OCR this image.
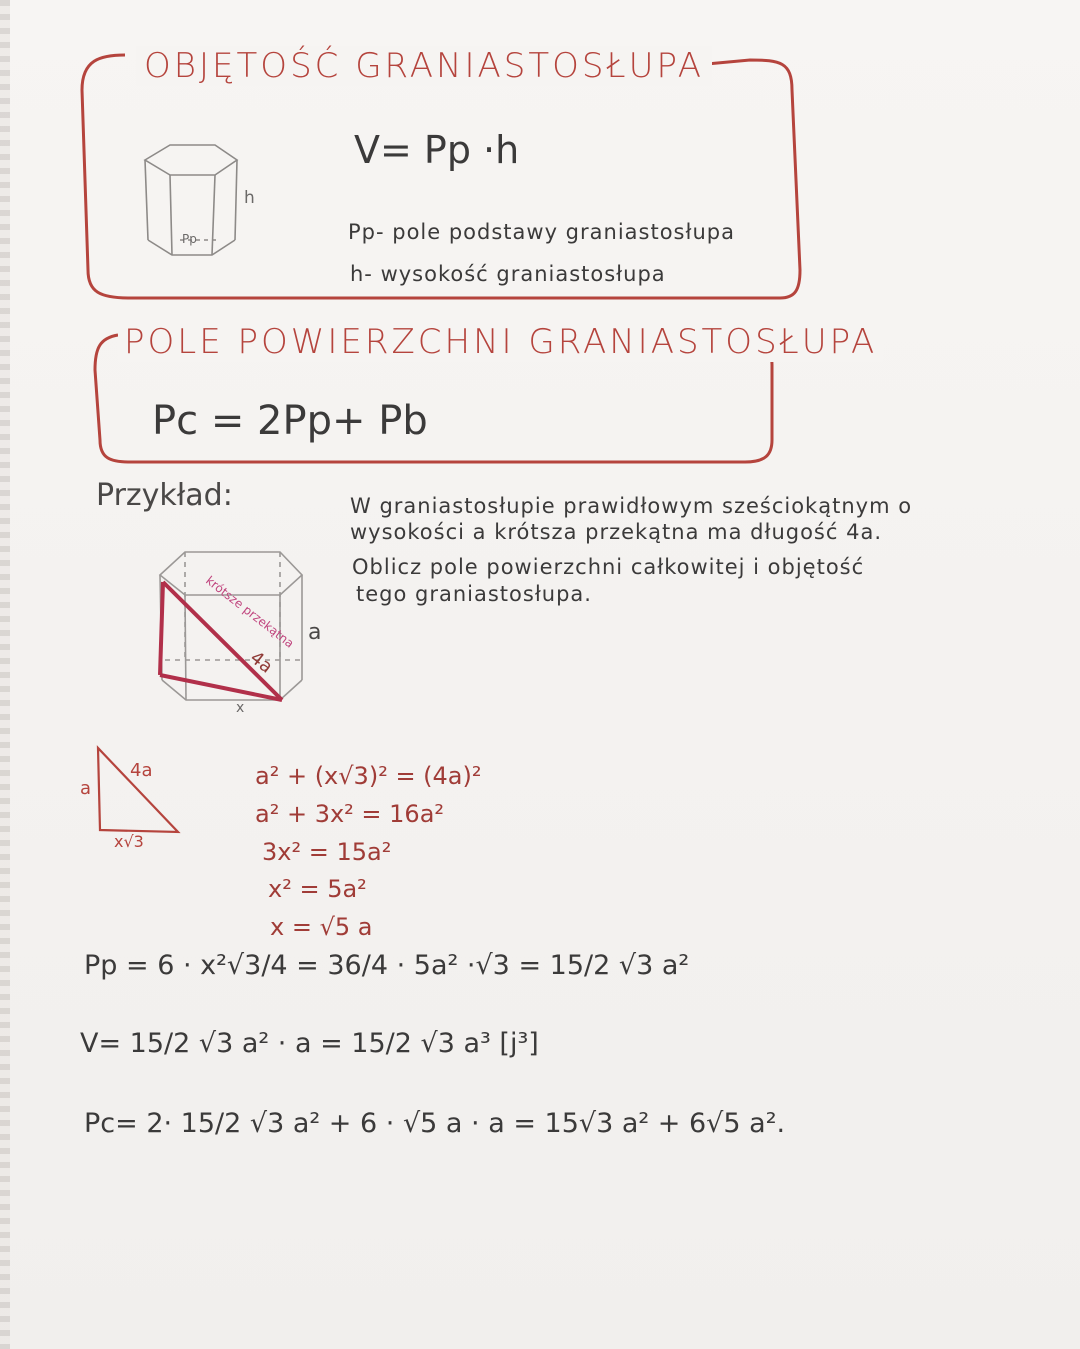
h
Pp
OBJĘTOŚĆ GRANIASTOSŁUPA
V= Pp ·h
Pp- pole podstawy graniastosłupa
h- wysokość graniastosłupa
POLE POWIERZCHNI GRANIASTOSŁUPA
Pc = 2Pp+ Pb
Przykład:	W graniastosłupie prawidłowym sześciokątnym o
wysokości a krótsza przekątna ma długość 4a.
Oblicz pole powierzchni całkowitej i objętość
tego graniastosłupa.
krótsze przekątna
4a
a
x
a
4a
x√3
a² + (x√3)² = (4a)²
a² + 3x² = 16a²
3x² = 15a²
x² = 5a²
x = √5 a
Pp = 6 · x²√3/4 = 36/4 · 5a² ·√3 = 15/2 √3 a²
V= 15/2 √3 a² · a = 15/2 √3 a³ [j³]
Pc= 2· 15/2 √3 a² + 6 · √5 a · a = 15√3 a² + 6√5 a².
